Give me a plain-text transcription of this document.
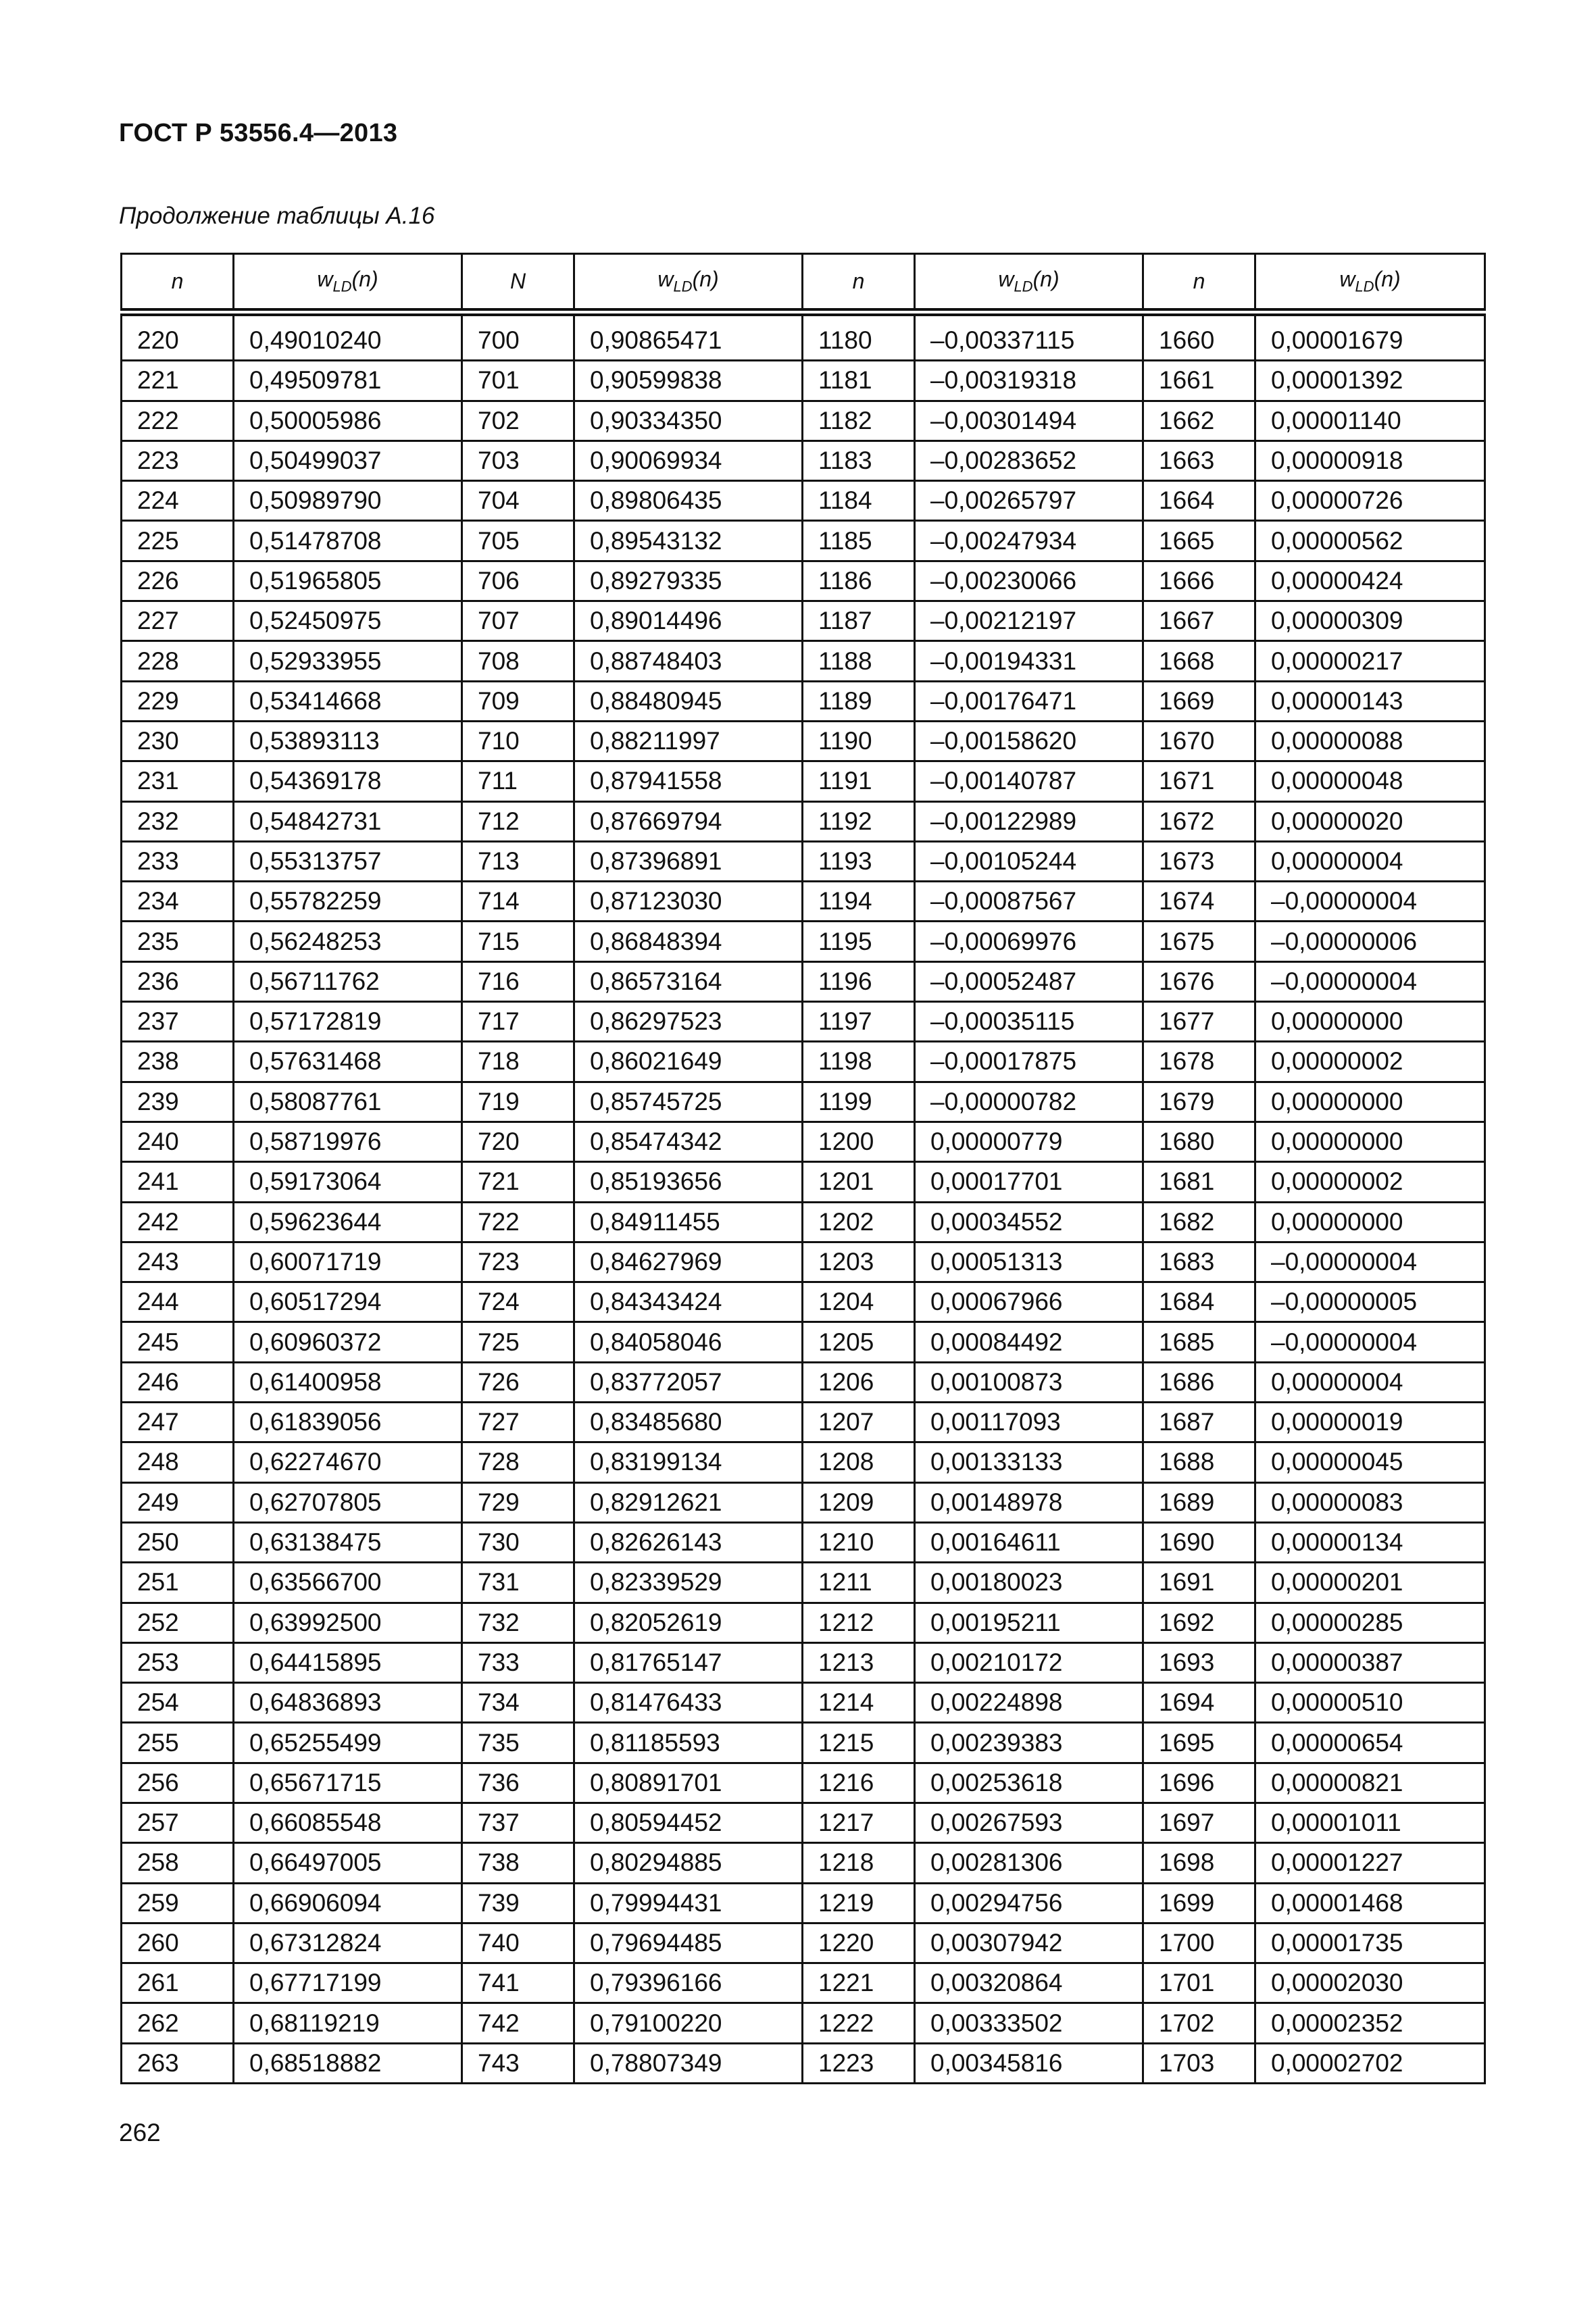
ГОСТ Р 53556.4—2013
Продолжение таблицы А.16
n	$w_{LD}(n)$	N	$w_{LD}(n)$	n	$w_{LD}(n)$	n	$w_{LD}(n)$
220	0,49010240	700	0,90865471	1180	–0,00337115	1660	0,00001679
221	0,49509781	701	0,90599838	1181	–0,00319318	1661	0,00001392
222	0,50005986	702	0,90334350	1182	–0,00301494	1662	0,00001140
223	0,50499037	703	0,90069934	1183	–0,00283652	1663	0,00000918
224	0,50989790	704	0,89806435	1184	–0,00265797	1664	0,00000726
225	0,51478708	705	0,89543132	1185	–0,00247934	1665	0,00000562
226	0,51965805	706	0,89279335	1186	–0,00230066	1666	0,00000424
227	0,52450975	707	0,89014496	1187	–0,00212197	1667	0,00000309
228	0,52933955	708	0,88748403	1188	–0,00194331	1668	0,00000217
229	0,53414668	709	0,88480945	1189	–0,00176471	1669	0,00000143
230	0,53893113	710	0,88211997	1190	–0,00158620	1670	0,00000088
231	0,54369178	711	0,87941558	1191	–0,00140787	1671	0,00000048
232	0,54842731	712	0,87669794	1192	–0,00122989	1672	0,00000020
233	0,55313757	713	0,87396891	1193	–0,00105244	1673	0,00000004
234	0,55782259	714	0,87123030	1194	–0,00087567	1674	–0,00000004
235	0,56248253	715	0,86848394	1195	–0,00069976	1675	–0,00000006
236	0,56711762	716	0,86573164	1196	–0,00052487	1676	–0,00000004
237	0,57172819	717	0,86297523	1197	–0,00035115	1677	0,00000000
238	0,57631468	718	0,86021649	1198	–0,00017875	1678	0,00000002
239	0,58087761	719	0,85745725	1199	–0,00000782	1679	0,00000000
240	0,58719976	720	0,85474342	1200	0,00000779	1680	0,00000000
241	0,59173064	721	0,85193656	1201	0,00017701	1681	0,00000002
242	0,59623644	722	0,84911455	1202	0,00034552	1682	0,00000000
243	0,60071719	723	0,84627969	1203	0,00051313	1683	–0,00000004
244	0,60517294	724	0,84343424	1204	0,00067966	1684	–0,00000005
245	0,60960372	725	0,84058046	1205	0,00084492	1685	–0,00000004
246	0,61400958	726	0,83772057	1206	0,00100873	1686	0,00000004
247	0,61839056	727	0,83485680	1207	0,00117093	1687	0,00000019
248	0,62274670	728	0,83199134	1208	0,00133133	1688	0,00000045
249	0,62707805	729	0,82912621	1209	0,00148978	1689	0,00000083
250	0,63138475	730	0,82626143	1210	0,00164611	1690	0,00000134
251	0,63566700	731	0,82339529	1211	0,00180023	1691	0,00000201
252	0,63992500	732	0,82052619	1212	0,00195211	1692	0,00000285
253	0,64415895	733	0,81765147	1213	0,00210172	1693	0,00000387
254	0,64836893	734	0,81476433	1214	0,00224898	1694	0,00000510
255	0,65255499	735	0,81185593	1215	0,00239383	1695	0,00000654
256	0,65671715	736	0,80891701	1216	0,00253618	1696	0,00000821
257	0,66085548	737	0,80594452	1217	0,00267593	1697	0,00001011
258	0,66497005	738	0,80294885	1218	0,00281306	1698	0,00001227
259	0,66906094	739	0,79994431	1219	0,00294756	1699	0,00001468
260	0,67312824	740	0,79694485	1220	0,00307942	1700	0,00001735
261	0,67717199	741	0,79396166	1221	0,00320864	1701	0,00002030
262	0,68119219	742	0,79100220	1222	0,00333502	1702	0,00002352
263	0,68518882	743	0,78807349	1223	0,00345816	1703	0,00002702
262
